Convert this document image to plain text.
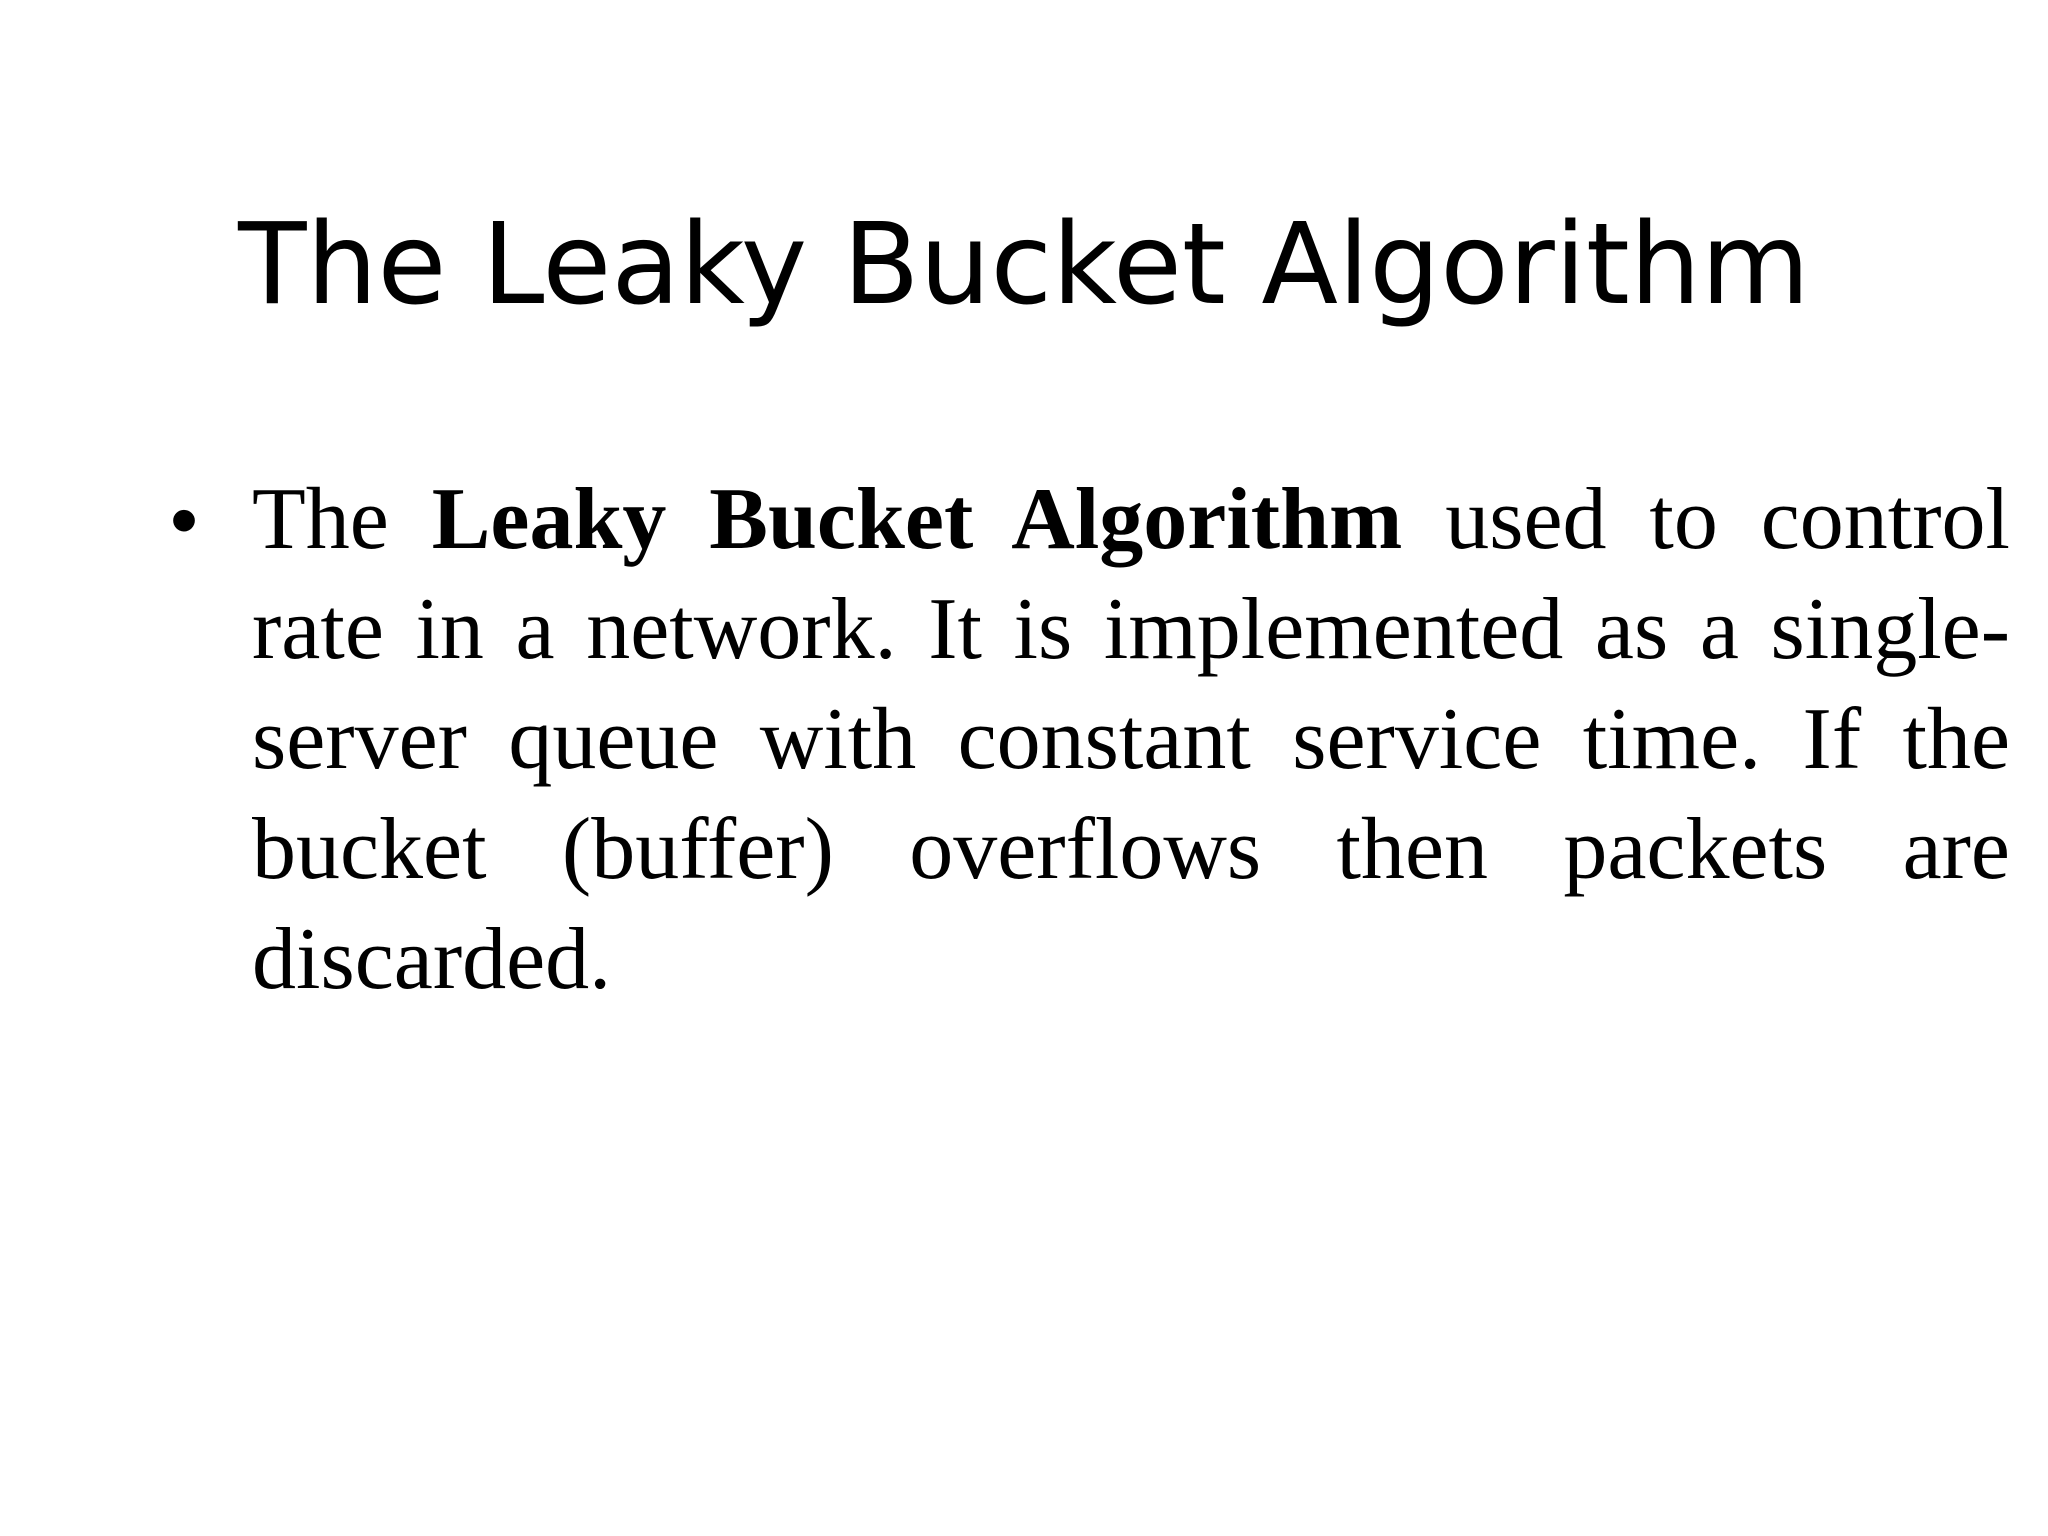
The Leaky Bucket Algorithm
• The Leaky Bucket Algorithm used to control rate in a network. It is implemented as a single- server queue with constant service time. If the bucket (buffer) overflows then packets are discarded.
